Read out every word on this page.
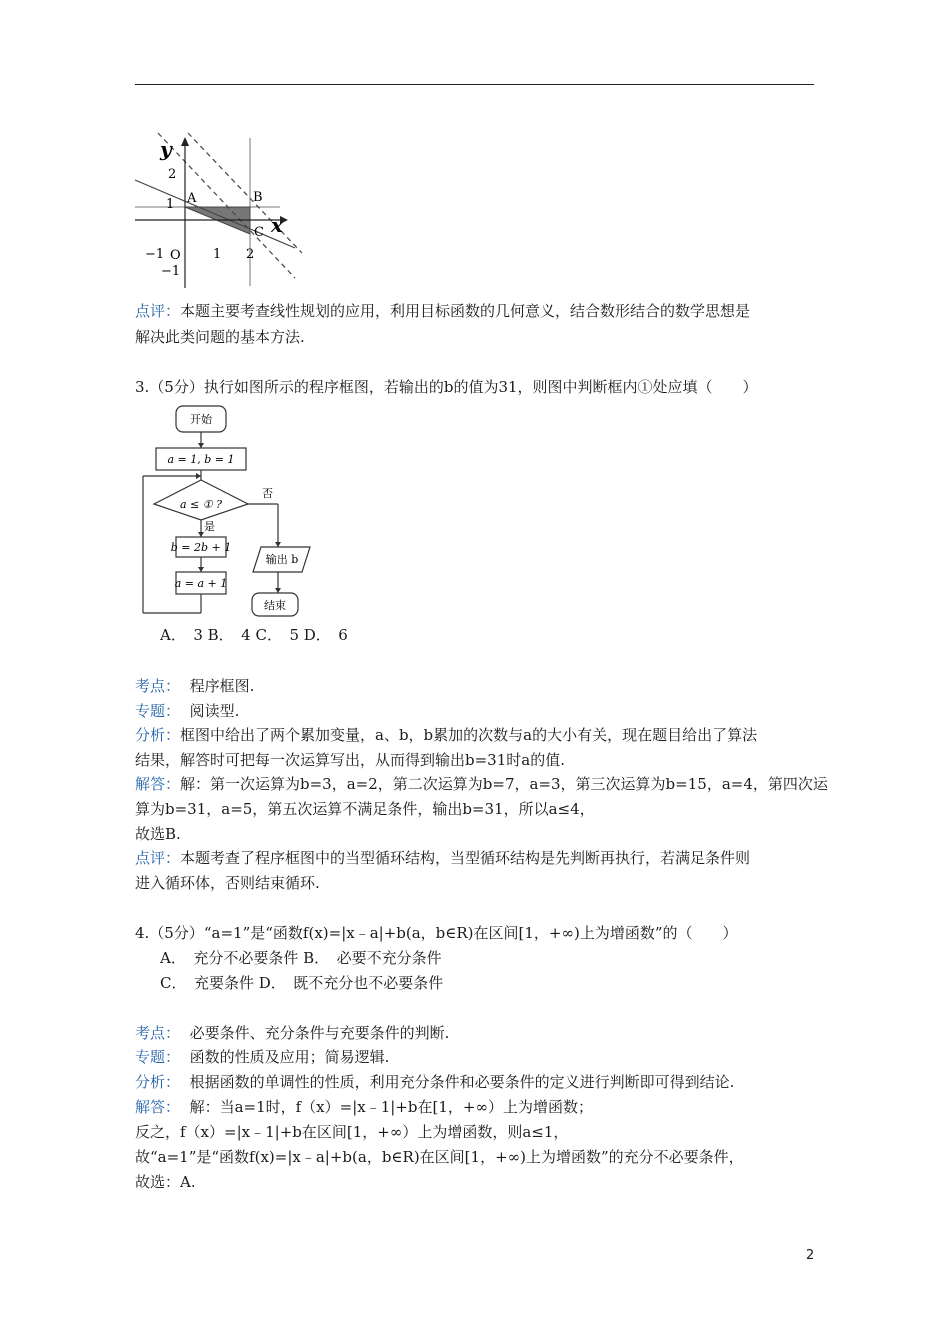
y
x
2
1
−1
−1 O 1 2
A	B
C
点评：本题主要考查线性规划的应用，利用目标函数的几何意义，结合数形结合的数学思想是
解决此类问题的基本方法.
3.（5分）执行如图所示的程序框图，若输出的b的值为31，则图中判断框内①处应填（　　）
开始
a = 1, b = 1
a ≤ ① ?
否
是
b = 2b + 1
a = a + 1
输出 b
结束
A．　3 B．　4 C．　5 D．　6
考点： 程序框图.
专题： 阅读型.
分析：框图中给出了两个累加变量，a、b，b累加的次数与a的大小有关，现在题目给出了算法
结果，解答时可把每一次运算写出，从而得到输出b=31时a的值.
解答：解：第一次运算为b=3，a=2，第二次运算为b=7，a=3，第三次运算为b=15，a=4，第四次运
算为b=31，a=5，第五次运算不满足条件，输出b=31，所以a≤4，
故选B.
点评：本题考查了程序框图中的当型循环结构，当型循环结构是先判断再执行，若满足条件则
进入循环体，否则结束循环.
4.（5分）“a=1”是“函数f(x)=|x﹣a|+b(a，b∈R)在区间[1，+∞)上为增函数”的（　　）
A．　充分不必要条件 B．　必要不充分条件
C．　充要条件 D．　既不充分也不必要条件
考点： 必要条件、充分条件与充要条件的判断.
专题： 函数的性质及应用；简易逻辑.
分析： 根据函数的单调性的性质，利用充分条件和必要条件的定义进行判断即可得到结论.
解答： 解：当a=1时，f（x）=|x﹣1|+b在[1，+∞）上为增函数；
反之，f（x）=|x﹣1|+b在区间[1，+∞）上为增函数，则a≤1，
故“a=1”是“函数f(x)=|x﹣a|+b(a，b∈R)在区间[1，+∞)上为增函数”的充分不必要条件，
故选：A.
2
